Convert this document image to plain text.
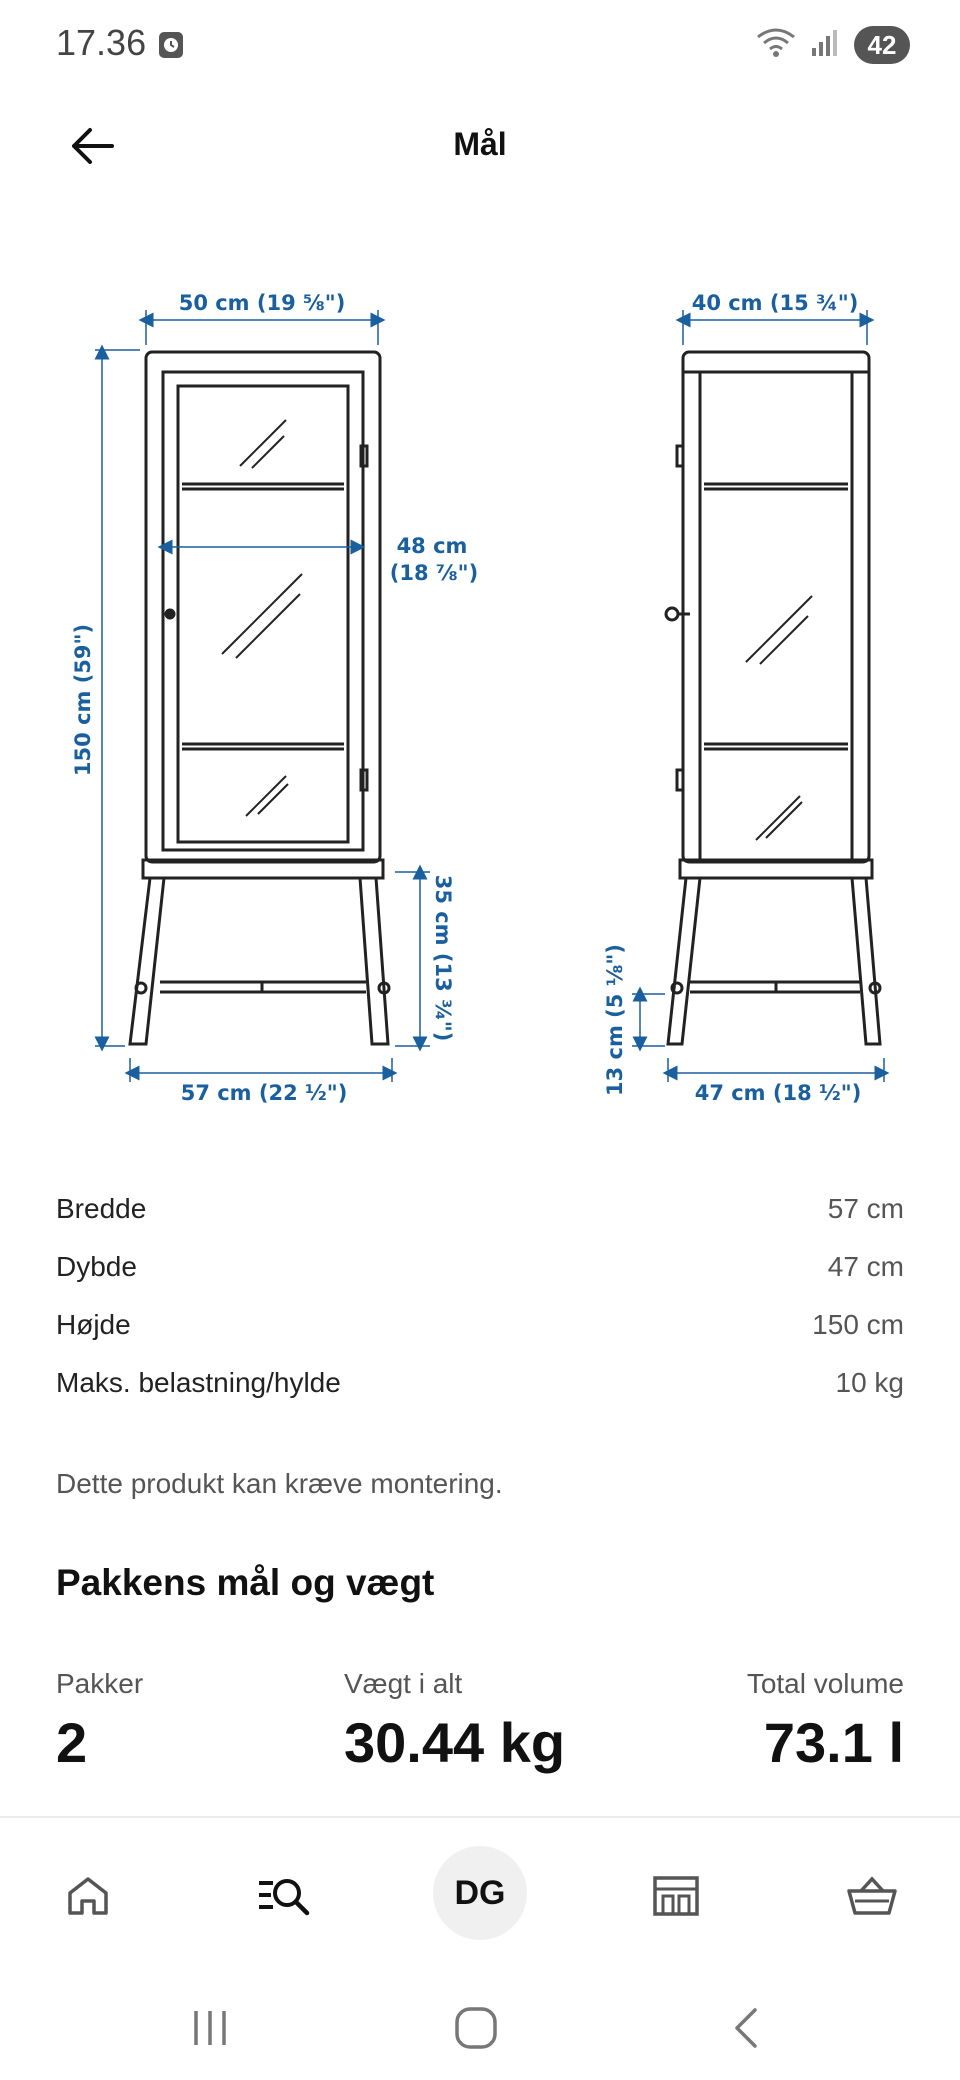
17.36	42
Mål
50 cm (19 ⅝")
48 cm
(18 ⅞")
150 cm (59")
35 cm (13 ¾")
57 cm (22 ½")
40 cm (15 ¾")
13 cm (5 ⅛")	47 cm (18 ½")
Bredde	57 cm
Dybde	47 cm
Højde	150 cm
Maks. belastning/hylde	10 kg
Dette produkt kan kræve montering.
Pakkens mål og vægt
Pakker
2
Vægt i alt
30.44 kg
Total volume
73.1 l
DG
